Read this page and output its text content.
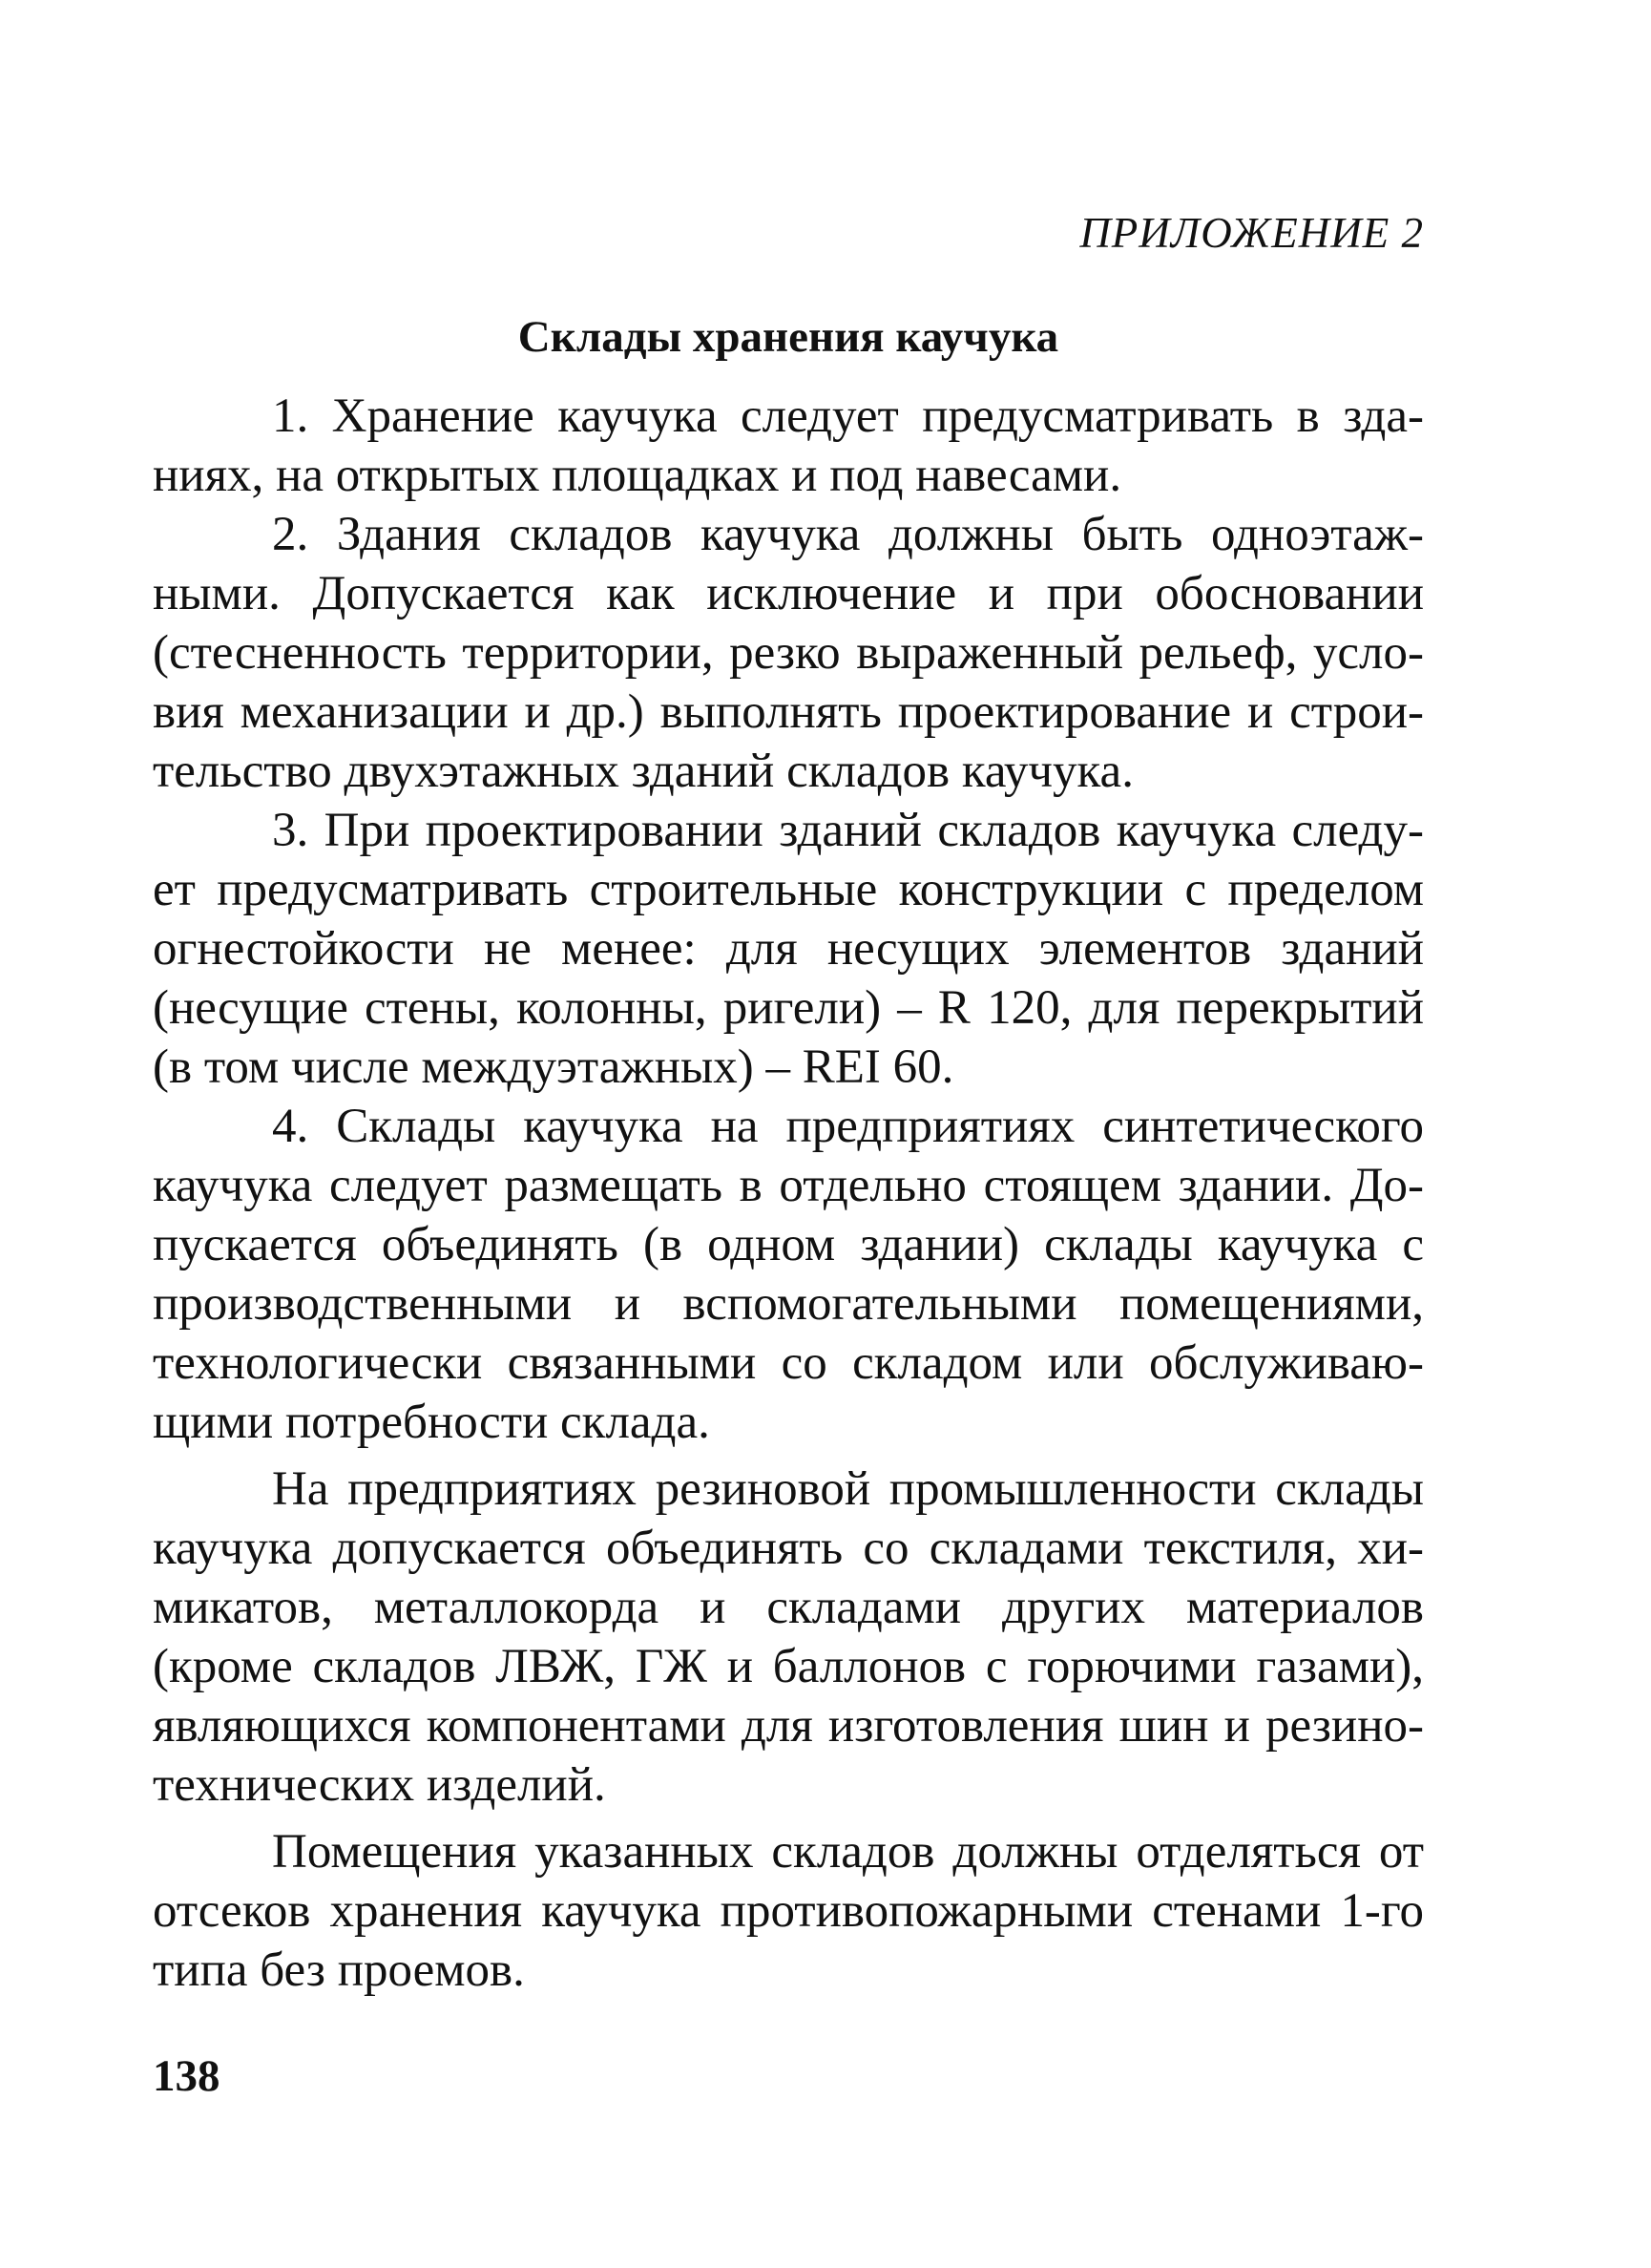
ПРИЛОЖЕНИЕ 2
Склады хранения каучука

1. Хранение каучука следует предусматривать в зданиях, на открытых площадках и под навесами.

2. Здания складов каучука должны быть одноэтажными. Допускается как исключение и при обосновании (стесненность территории, резко выраженный рельеф, условия механизации и др.) выполнять проектирование и строительство двухэтажных зданий складов каучука.

3. При проектировании зданий складов каучука следует предусматривать строительные конструкции с пределом огнестойкости не менее: для несущих элементов зданий (несущие стены, колонны, ригели) – R 120, для перекрытий (в том числе междуэтажных) – REI 60.

4. Склады каучука на предприятиях синтетического каучука следует размещать в отдельно стоящем здании. Допускается объединять (в одном здании) склады каучука с производственными и вспомогательными помещениями, технологически связанными со складом или обслуживающими потребности склада.

На предприятиях резиновой промышленности склады каучука допускается объединять со складами текстиля, химикатов, металлокорда и складами других материалов (кроме складов ЛВЖ, ГЖ и баллонов с горючими газами), являющихся компонентами для изготовления шин и резинотехнических изделий.

Помещения указанных складов должны отделяться от отсеков хранения каучука противопожарными стенами 1-го типа без проемов.

138
